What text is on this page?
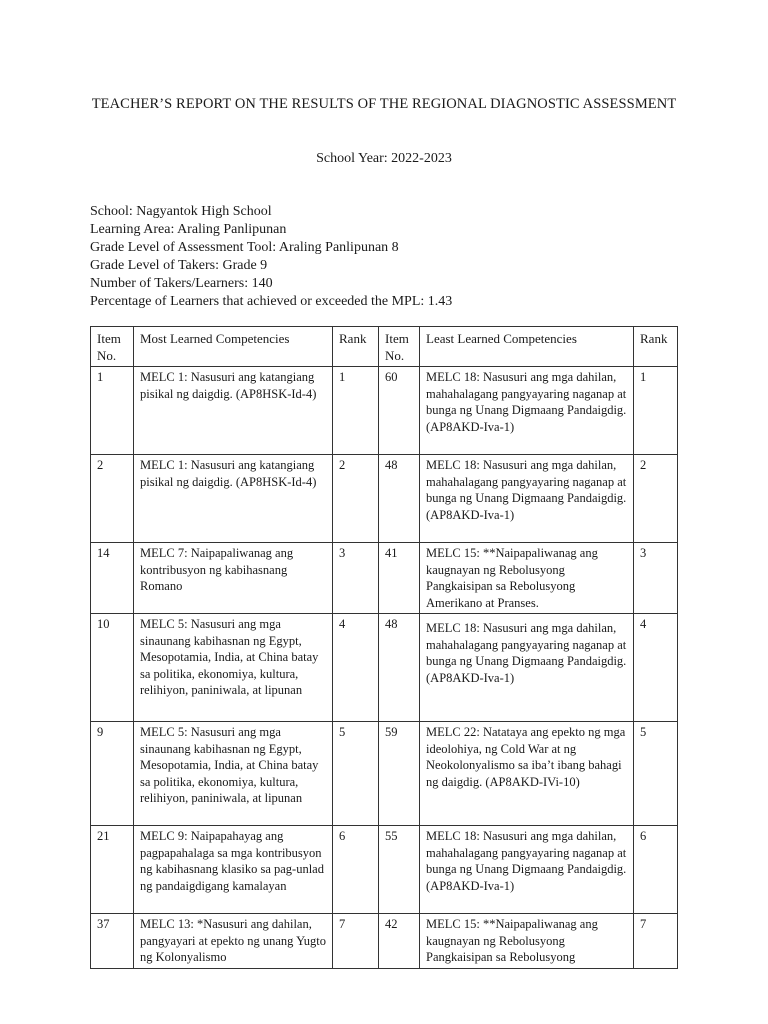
TEACHER’S REPORT ON THE RESULTS OF THE REGIONAL DIAGNOSTIC ASSESSMENT
School Year: 2022-2023
School: Nagyantok High School
Learning Area: Araling Panlipunan
Grade Level of Assessment Tool: Araling Panlipunan 8
Grade Level of Takers: Grade 9
Number of Takers/Learners: 140
Percentage of Learners that achieved or exceeded the MPL: 1.43
Item No.	Most Learned Competencies	Rank	Item No.	Least Learned Competencies	Rank
1	MELC 1: Nasusuri ang katangiang pisikal ng daigdig. (AP8HSK-Id-4)	1	60	MELC 18: Nasusuri ang mga dahilan, mahahalagang pangyayaring naganap at bunga ng Unang Digmaang Pandaigdig. (AP8AKD-Iva-1)	1
2	MELC 1: Nasusuri ang katangiang pisikal ng daigdig. (AP8HSK-Id-4)	2	48	MELC 18: Nasusuri ang mga dahilan, mahahalagang pangyayaring naganap at bunga ng Unang Digmaang Pandaigdig. (AP8AKD-Iva-1)	2
14	MELC 7: Naipapaliwanag ang kontribusyon ng kabihasnang Romano	3	41	MELC 15: **Naipapaliwanag ang kaugnayan ng Rebolusyong Pangkaisipan sa Rebolusyong Amerikano at Pranses.	3
10	MELC 5: Nasusuri ang mga sinaunang kabihasnan ng Egypt, Mesopotamia, India, at China batay sa politika, ekonomiya, kultura, relihiyon, paniniwala, at lipunan	4	48	MELC 18: Nasusuri ang mga dahilan, mahahalagang pangyayaring naganap at bunga ng Unang Digmaang Pandaigdig. (AP8AKD-Iva-1)	4
9	MELC 5: Nasusuri ang mga sinaunang kabihasnan ng Egypt, Mesopotamia, India, at China batay sa politika, ekonomiya, kultura, relihiyon, paniniwala, at lipunan	5	59	MELC 22: Natataya ang epekto ng mga ideolohiya, ng Cold War at ng Neokolonyalismo sa iba’t ibang bahagi ng daigdig. (AP8AKD-IVi-10)	5
21	MELC 9: Naipapahayag ang pagpapahalaga sa mga kontribusyon ng kabihasnang klasiko sa pag-unlad ng pandaigdigang kamalayan	6	55	MELC 18: Nasusuri ang mga dahilan, mahahalagang pangyayaring naganap at bunga ng Unang Digmaang Pandaigdig. (AP8AKD-Iva-1)	6
37	MELC 13: *Nasusuri ang dahilan, pangyayari at epekto ng unang Yugto ng Kolonyalismo	7	42	MELC 15: **Naipapaliwanag ang kaugnayan ng Rebolusyong Pangkaisipan sa Rebolusyong	7
